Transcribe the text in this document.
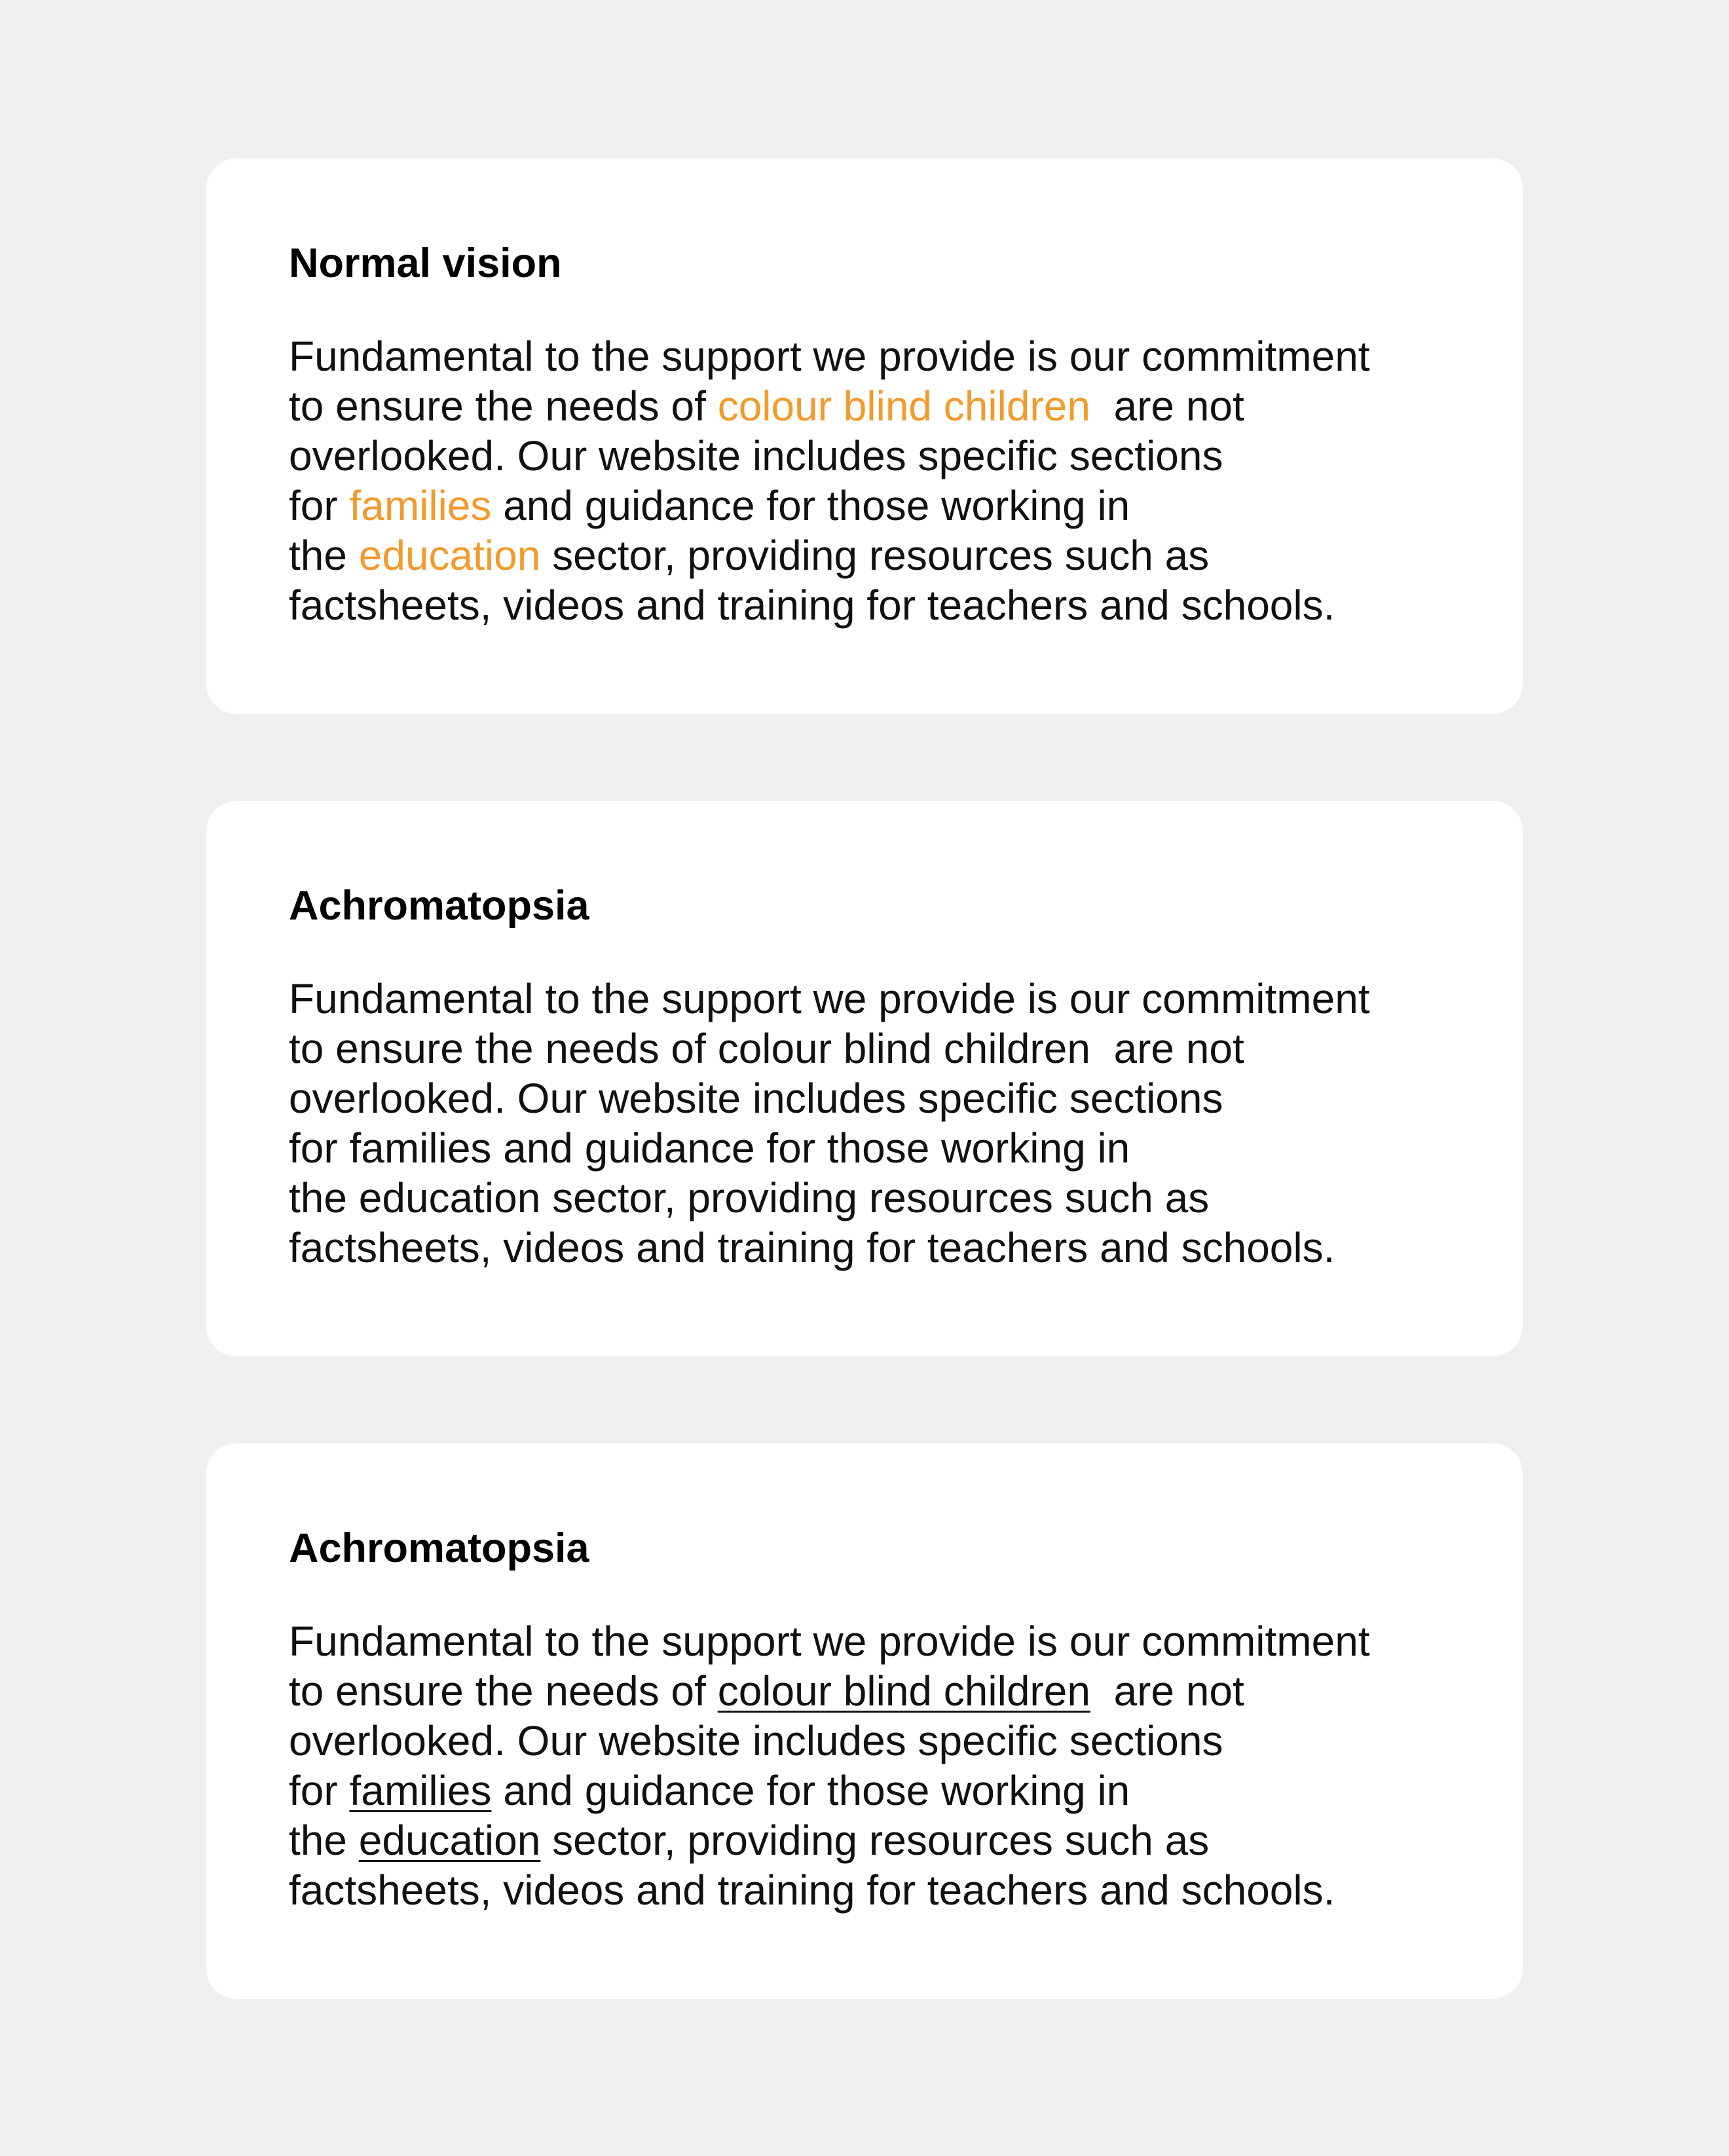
Normal vision

Fundamental to the support we provide is our commitment
to ensure the needs of colour blind children  are not
overlooked. Our website includes specific sections
for families and guidance for those working in
the education sector, providing resources such as
factsheets, videos and training for teachers and schools.

Achromatopsia

Fundamental to the support we provide is our commitment
to ensure the needs of colour blind children  are not
overlooked. Our website includes specific sections
for families and guidance for those working in
the education sector, providing resources such as
factsheets, videos and training for teachers and schools.

Achromatopsia

Fundamental to the support we provide is our commitment
to ensure the needs of colour blind children  are not
overlooked. Our website includes specific sections
for families and guidance for those working in
the education sector, providing resources such as
factsheets, videos and training for teachers and schools.
